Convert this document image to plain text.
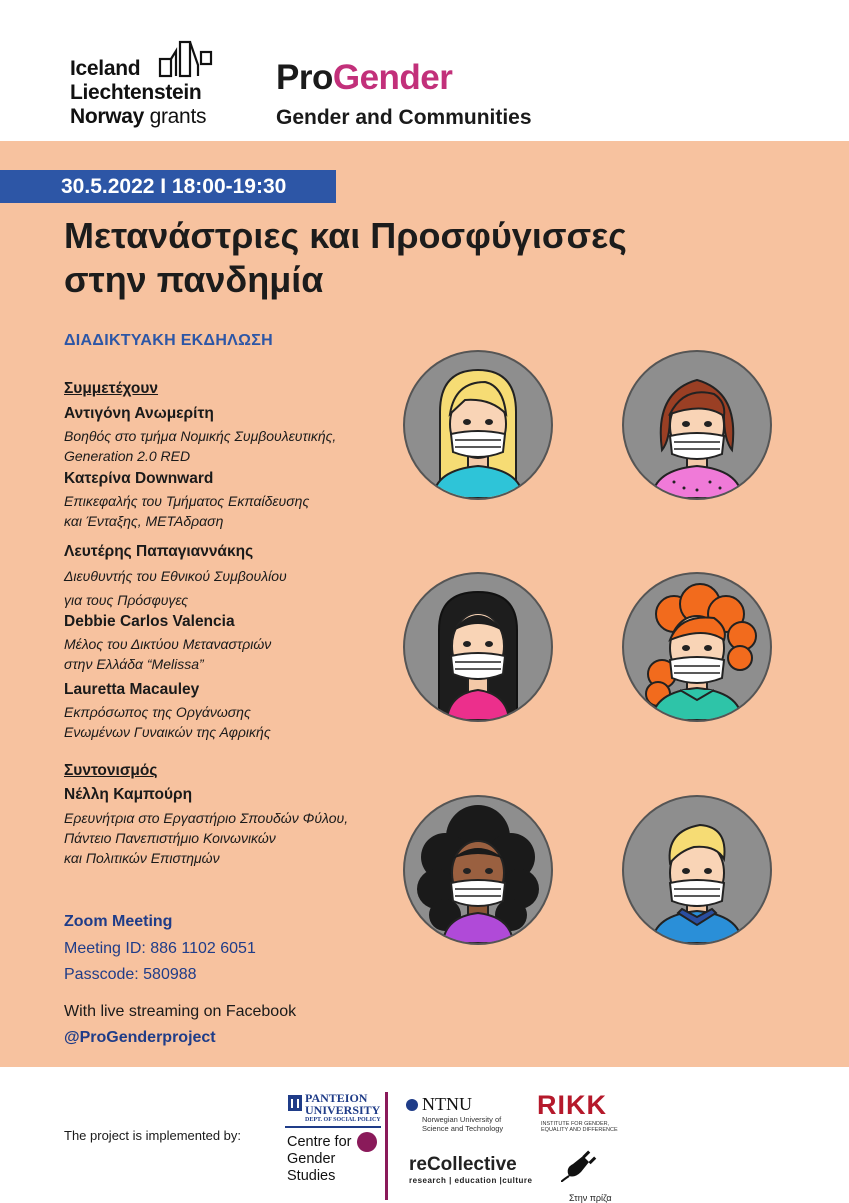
Iceland
Liechtenstein
Norway grants
ProGender
Gender and Communities
30.5.2022 I 18:00-19:30
Μετανάστριες και Προσφύγισσες
στην πανδημία
ΔΙΑΔΙΚΤΥΑΚΗ ΕΚΔΗΛΩΣΗ
Συμμετέχουν
Αντιγόνη Ανωμερίτη
Βοηθός στο τμήμα Νομικής Συμβουλευτικής,
Generation 2.0 RED
Κατερίνα Downward
Επικεφαλής του Τμήματος Εκπαίδευσης
και Ένταξης, ΜΕΤΑδραση
Λευτέρης Παπαγιαννάκης
Διευθυντής του Εθνικού Συμβουλίου
για τους Πρόσφυγες
Debbie Carlos Valencia
Μέλος του Δικτύου Μεταναστριών
στην Ελλάδα “Melissa”
Lauretta Macauley
Εκπρόσωπος της Οργάνωσης
Ενωμένων Γυναικών της Αφρικής
Συντονισμός
Νέλλη Καμπούρη
Ερευνήτρια στο Εργαστήριο Σπουδών Φύλου,
Πάντειο Πανεπιστήμιο Κοινωνικών
και Πολιτικών Επιστημών
Zoom Meeting
Meeting ID: 886 1102 6051
Passcode: 580988
With live streaming on Facebook
@ProGenderproject
The project is implemented by:
PANTEION
UNIVERSITY
DEPT. OF SOCIAL POLICY
Centre for
Gender
Studies
NTNU
Norwegian University of
Science and Technology
RIKK
INSTITUTE FOR GENDER,
EQUALITY AND DIFFERENCE
reCollective
research | education |culture
Στην πρίζα
